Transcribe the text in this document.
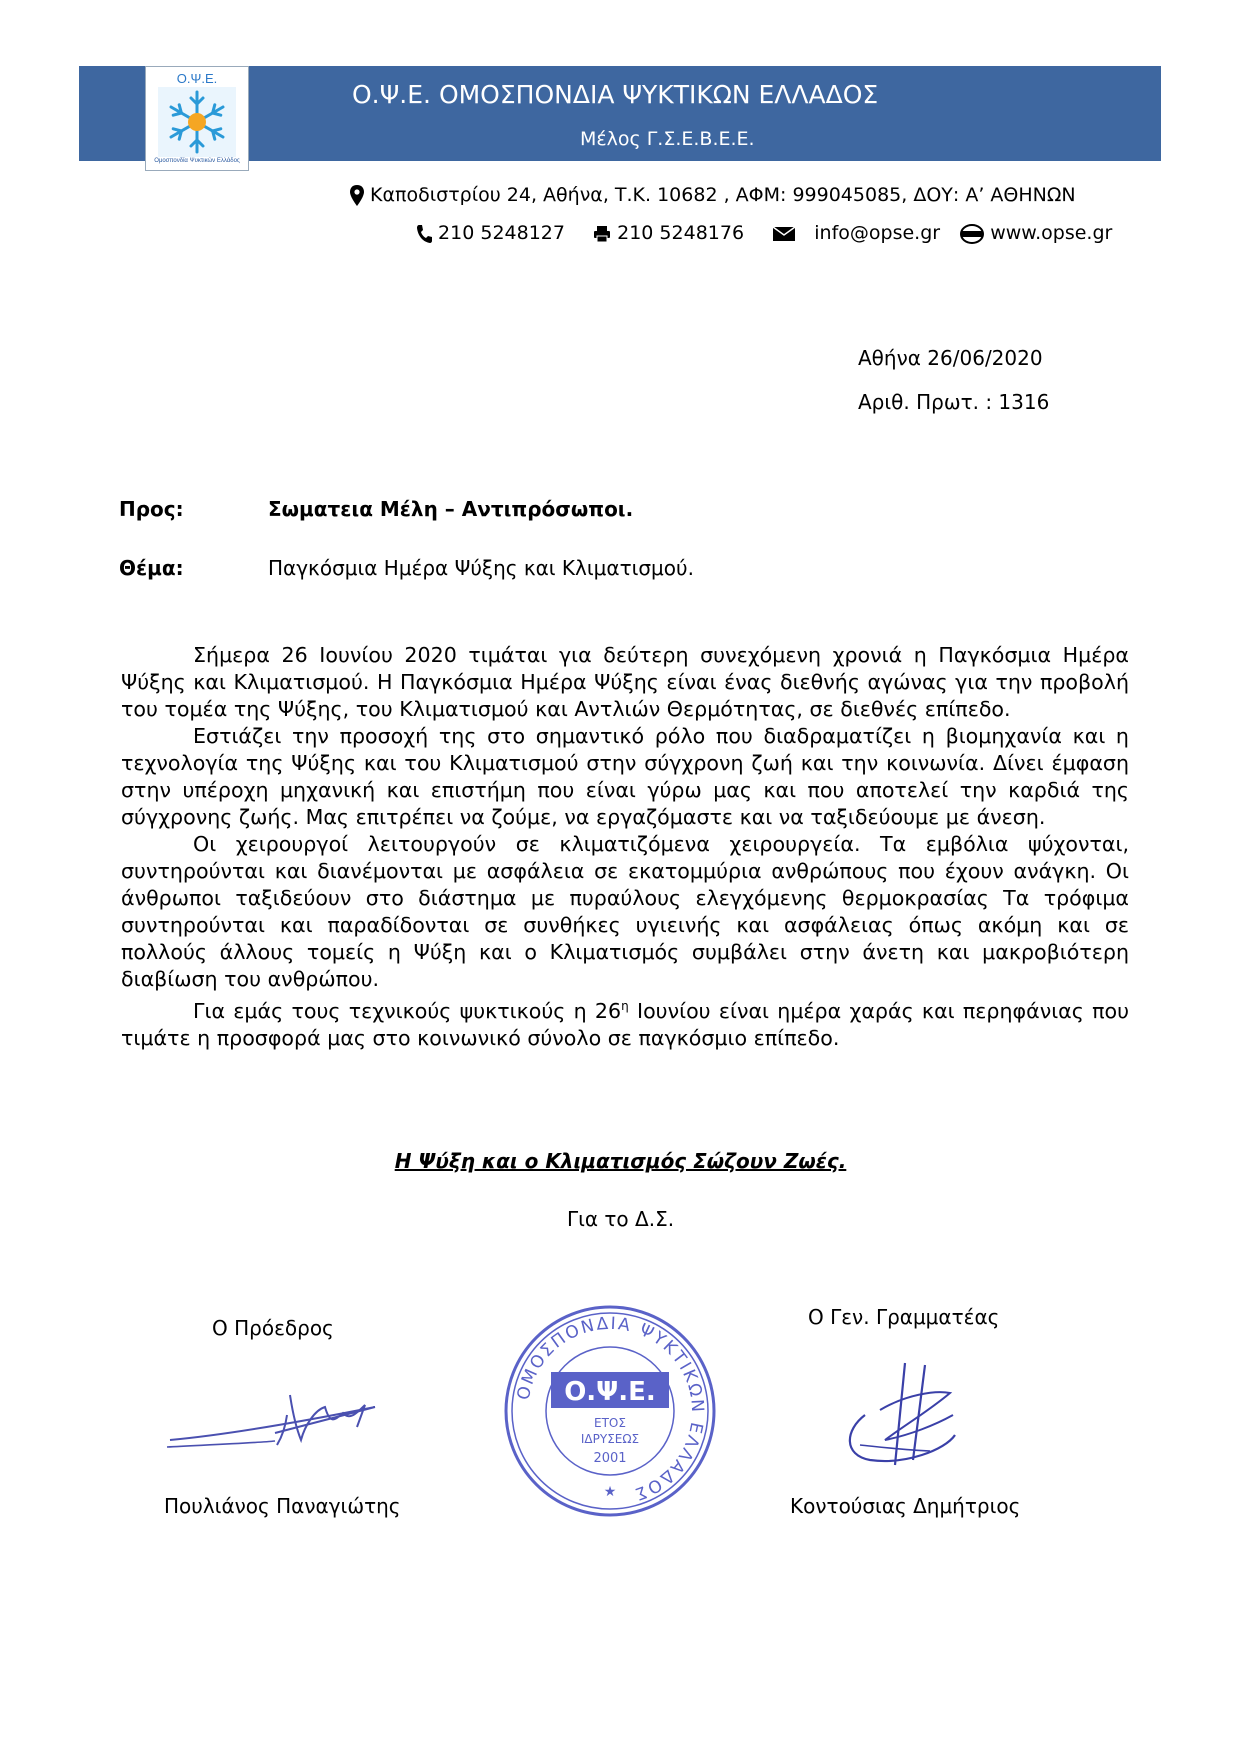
Ο.Ψ.Ε.
Ομοσπονδία Ψυκτικών Ελλάδος
Ο.Ψ.Ε. ΟΜΟΣΠΟΝΔΙΑ ΨΥΚΤΙΚΩΝ ΕΛΛΑΔΟΣ
Μέλος Γ.Σ.Ε.Β.Ε.Ε.
Καποδιστρίου 24, Αθήνα, Τ.Κ. 10682 , ΑΦΜ: 999045085, ΔΟΥ: Α’ ΑΘΗΝΩΝ
210 5248127	210 5248176	info@opse.gr	www.opse.gr
Αθήνα 26/06/2020
Αριθ. Πρωτ. : 1316
Προς:	Σωματεια Μέλη – Αντιπρόσωποι.
Θέμα:	Παγκόσμια Ημέρα Ψύξης και Κλιματισμού.

Σήμερα 26 Ιουνίου 2020 τιμάται για δεύτερη συνεχόμενη χρονιά η Παγκόσμια Ημέρα Ψύξης και Κλιματισμού. Η Παγκόσμια Ημέρα Ψύξης είναι ένας διεθνής αγώνας για την προβολή του τομέα της Ψύξης, του Κλιματισμού και Αντλιών Θερμότητας, σε διεθνές επίπεδο.

Εστιάζει την προσοχή της στο σημαντικό ρόλο που διαδραματίζει η βιομηχανία και η τεχνολογία της Ψύξης και του Κλιματισμού στην σύγχρονη ζωή και την κοινωνία. Δίνει έμφαση στην υπέροχη μηχανική και επιστήμη που είναι γύρω μας και που αποτελεί την καρδιά της σύγχρονης ζωής. Μας επιτρέπει να ζούμε, να εργαζόμαστε και να ταξιδεύουμε με άνεση.

Οι χειρουργοί λειτουργούν σε κλιματιζόμενα χειρουργεία. Τα εμβόλια ψύχονται, συντηρούνται και διανέμονται με ασφάλεια σε εκατομμύρια ανθρώπους που έχουν ανάγκη. Οι άνθρωποι ταξιδεύουν στο διάστημα με πυραύλους ελεγχόμενης θερμοκρασίας Τα τρόφιμα συντηρούνται και παραδίδονται σε συνθήκες υγιεινής και ασφάλειας όπως ακόμη και σε πολλούς άλλους τομείς η Ψύξη και ο Κλιματισμός συμβάλει στην άνετη και μακροβιότερη διαβίωση του ανθρώπου.

Για εμάς τους τεχνικούς ψυκτικούς η $26^\eta$ Ιουνίου είναι ημέρα χαράς και περηφάνιας που τιμάτε η προσφορά μας στο κοινωνικό σύνολο σε παγκόσμιο επίπεδο.

Η Ψύξη και ο Κλιματισμός Σώζουν Ζωές.
Για το Δ.Σ.
Ο Πρόεδρος	Ο Γεν. Γραμματέας
Πουλιάνος Παναγιώτης	Κοντούσιας Δημήτριος
ΟΜΟΣΠΟΝΔΙΑ ΨΥΚΤΙΚΩΝ ΕΛΛΑΔΟΣ
Ο.Ψ.Ε.
ΕΤΟΣ
ΙΔΡΥΣΕΩΣ
2001
★
